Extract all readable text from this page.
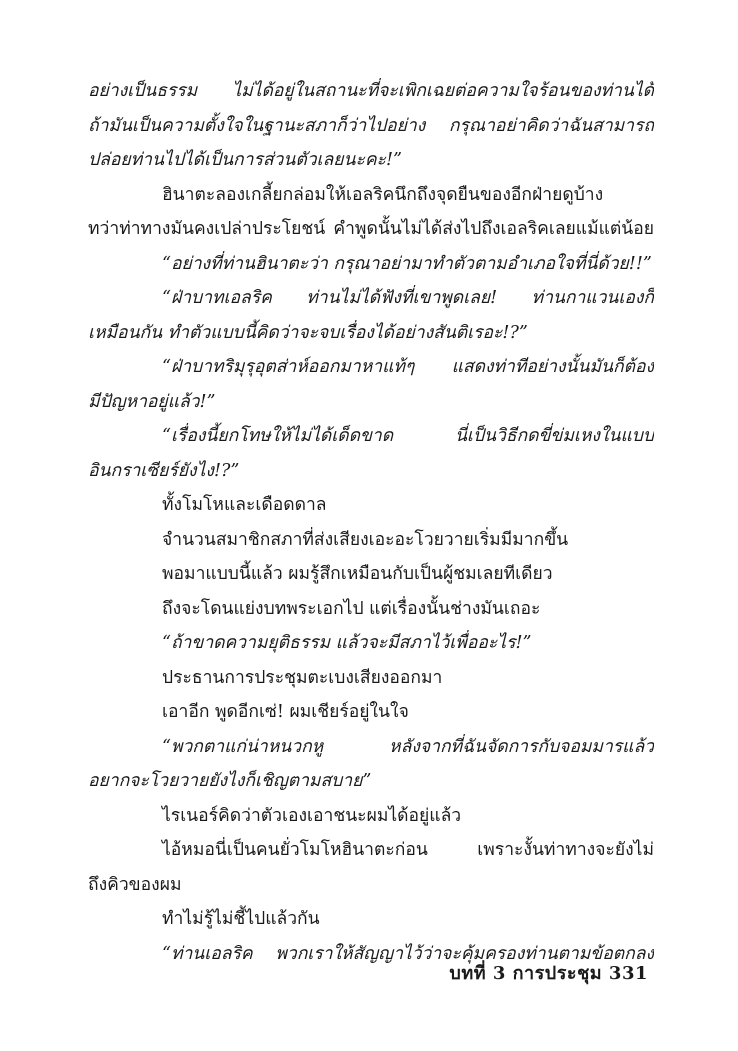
อย่างเป็นธรรม ไม่ได้อยู่ในสถานะที่จะเพิกเฉยต่อความใจร้อนของท่านได้
ถ้ามันเป็นความตั้งใจในฐานะสภาก็ว่าไปอย่าง กรุณาอย่าคิดว่าฉันสามารถ
ปล่อยท่านไปได้เป็นการส่วนตัวเลยนะคะ!”
ฮินาตะลองเกลี้ยกล่อมให้เอลริคนึกถึงจุดยืนของอีกฝ่ายดูบ้าง
ทว่าท่าทางมันคงเปล่าประโยชน์ คำพูดนั้นไม่ได้ส่งไปถึงเอลริคเลยแม้แต่น้อย
“อย่างที่ท่านฮินาตะว่า กรุณาอย่ามาทำตัวตามอำเภอใจที่นี่ด้วย!!”
“ฝ่าบาทเอลริค ท่านไม่ได้ฟังที่เขาพูดเลย! ท่านกาแวนเองก็
เหมือนกัน ทำตัวแบบนี้คิดว่าจะจบเรื่องได้อย่างสันติเรอะ!?”
“ฝ่าบาทริมุรุอุตส่าห์ออกมาหาแท้ๆ แสดงท่าทีอย่างนั้นมันก็ต้อง
มีปัญหาอยู่แล้ว!”
“เรื่องนี้ยกโทษให้ไม่ได้เด็ดขาด นี่เป็นวิธีกดขี่ข่มเหงในแบบ
อินกราเซียร์ยังไง!?”
ทั้งโมโหและเดือดดาล
จำนวนสมาชิกสภาที่ส่งเสียงเอะอะโวยวายเริ่มมีมากขึ้น
พอมาแบบนี้แล้ว ผมรู้สึกเหมือนกับเป็นผู้ชมเลยทีเดียว
ถึงจะโดนแย่งบทพระเอกไป แต่เรื่องนั้นช่างมันเถอะ
“ถ้าขาดความยุติธรรม แล้วจะมีสภาไว้เพื่ออะไร!”
ประธานการประชุมตะเบงเสียงออกมา
เอาอีก พูดอีกเซ่! ผมเชียร์อยู่ในใจ
“พวกตาแก่น่าหนวกหู หลังจากที่ฉันจัดการกับจอมมารแล้ว
อยากจะโวยวายยังไงก็เชิญตามสบาย”
ไรเนอร์คิดว่าตัวเองเอาชนะผมได้อยู่แล้ว
ไอ้หมอนี่เป็นคนยั่วโมโหฮินาตะก่อน เพราะงั้นท่าทางจะยังไม่
ถึงคิวของผม
ทำไม่รู้ไม่ชี้ไปแล้วกัน
“ท่านเอลริค พวกเราให้สัญญาไว้ว่าจะคุ้มครองท่านตามข้อตกลง
บทที่ 3 การประชุม 331
